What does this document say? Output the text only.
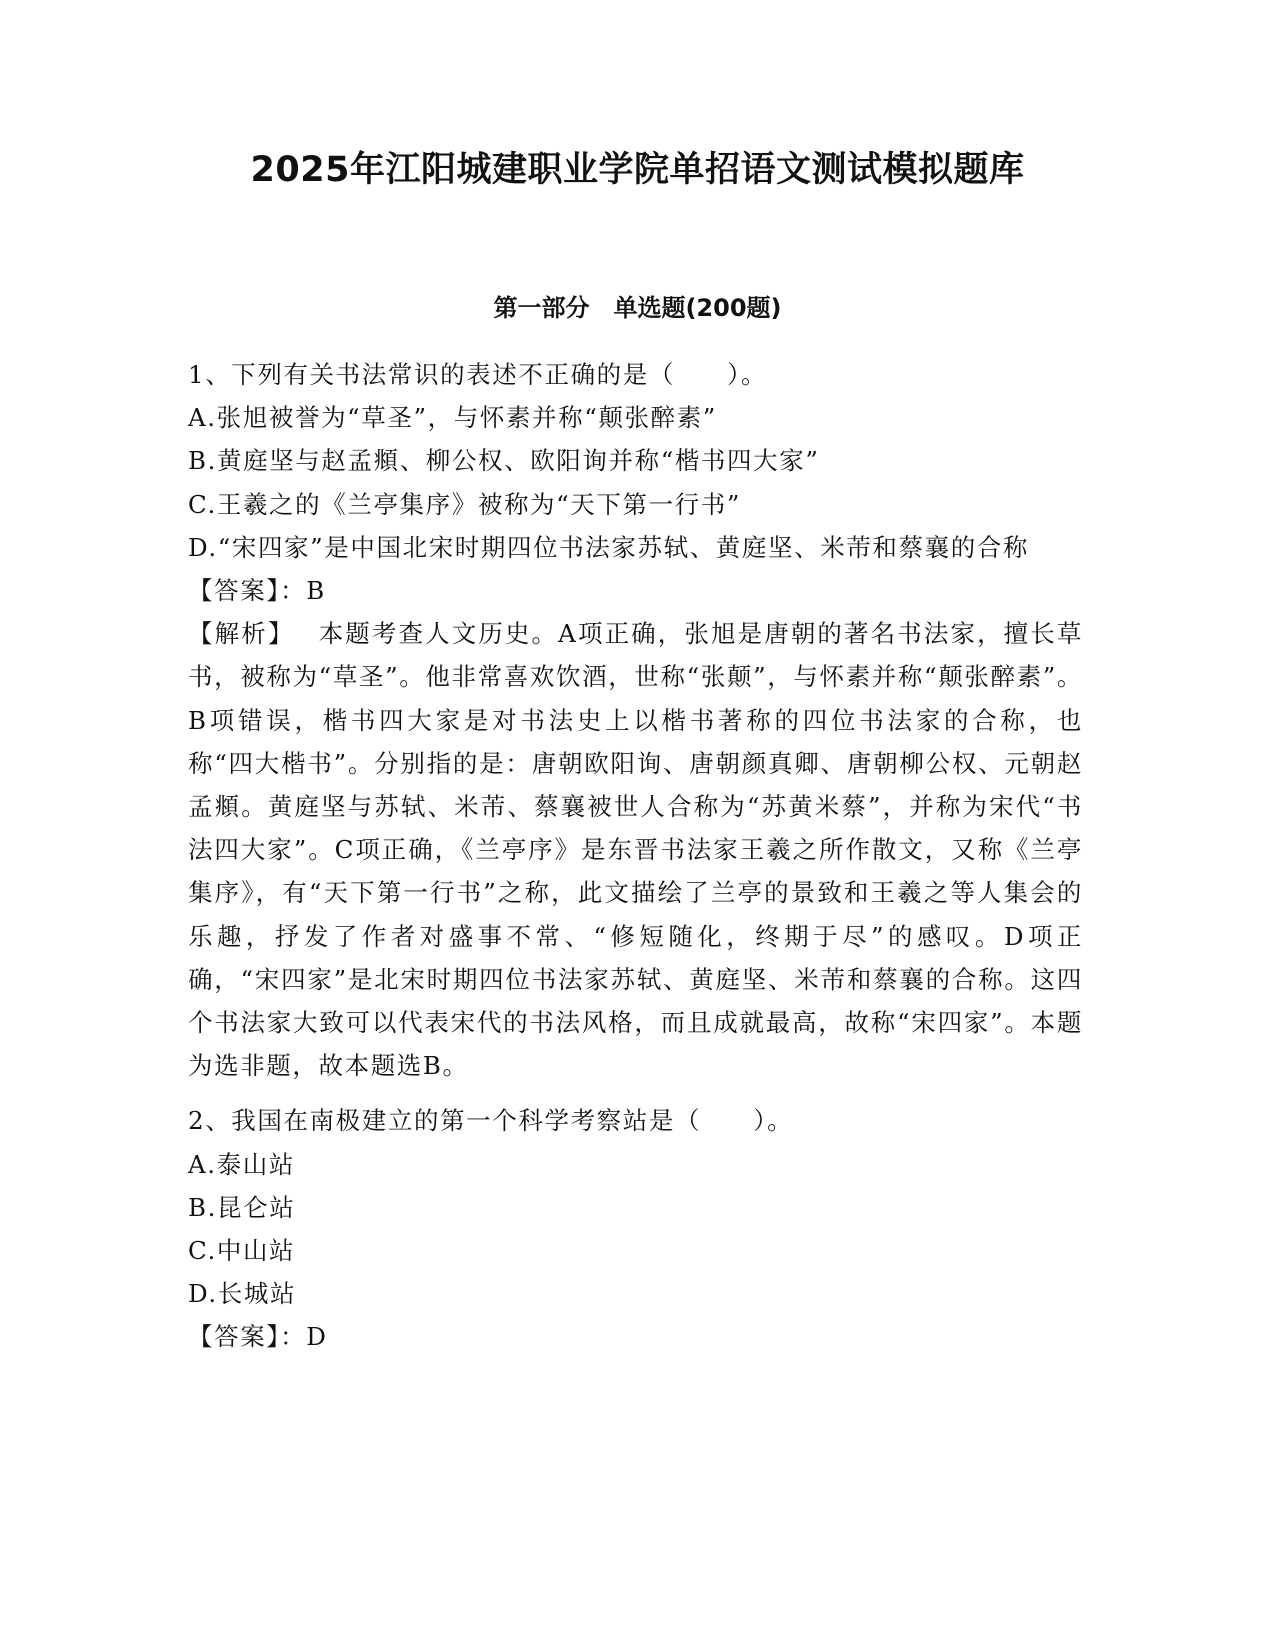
2025年江阳城建职业学院单招语文测试模拟题库
第一部分　单选题(200题)
1、下列有关书法常识的表述不正确的是（　　）。
A.张旭被誉为“草圣”，与怀素并称“颠张醉素”
B.黄庭坚与赵孟頫、柳公权、欧阳询并称“楷书四大家”
C.王羲之的《兰亭集序》被称为“天下第一行书”
D.“宋四家”是中国北宋时期四位书法家苏轼、黄庭坚、米芾和蔡襄的合称
【答案】：B
【解析】　 本题考查人文历史。A项正确，张旭是唐朝的著名书法家，擅长草书，被称为“草圣”。他非常喜欢饮酒，世称“张颠”，与怀素并称“颠张醉素”。B项错误，楷书四大家是对书法史上以楷书著称的四位书法家的合称，也称“四大楷书”。分别指的是：唐朝欧阳询、唐朝颜真卿、唐朝柳公权、元朝赵孟頫。黄庭坚与苏轼、米芾、蔡襄被世人合称为“苏黄米蔡”，并称为宋代“书法四大家”。C项正确，《兰亭序》是东晋书法家王羲之所作散文，又称《兰亭集序》，有“天下第一行书”之称，此文描绘了兰亭的景致和王羲之等人集会的乐趣，抒发了作者对盛事不常、“修短随化，终期于尽”的感叹。D项正确，“宋四家”是北宋时期四位书法家苏轼、黄庭坚、米芾和蔡襄的合称。这四个书法家大致可以代表宋代的书法风格，而且成就最高，故称“宋四家”。本题为选非题，故本题选B。
2、我国在南极建立的第一个科学考察站是（　　）。
A.泰山站
B.昆仑站
C.中山站
D.长城站
【答案】：D
